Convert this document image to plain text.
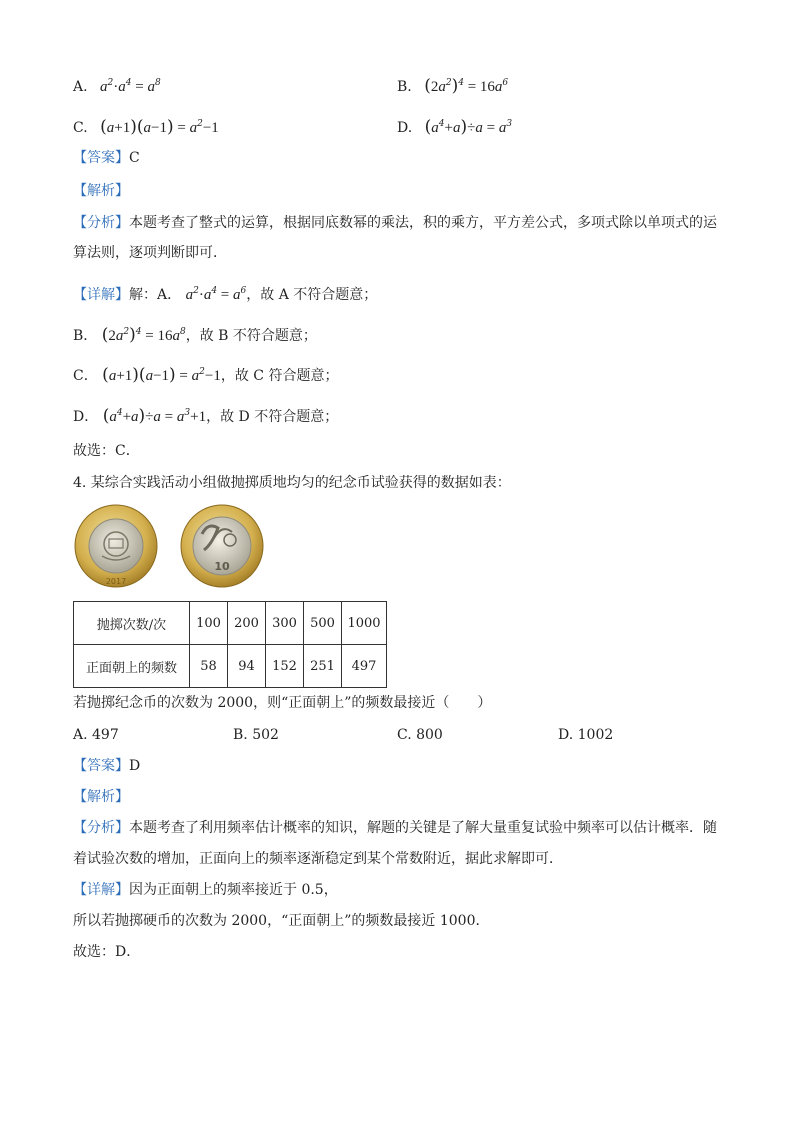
A. $a^2\cdot a^4 = a^8$	B. $(2a^2)^4 = 16a^6$
C. $(a+1)(a-1) = a^2-1$	D. $(a^4+a)\div a = a^3$
【答案】C
【解析】
【分析】本题考查了整式的运算，根据同底数幂的乘法，积的乘方，平方差公式，多项式除以单项式的运
算法则，逐项判断即可．
【详解】解：A． $a^2\cdot a^4 = a^6$，故 A 不符合题意；
B． $(2a^2)^4 = 16a^8$，故 B 不符合题意；
C． $(a+1)(a-1) = a^2-1$，故 C 符合题意；
D． $(a^4+a)\div a = a^3+1$，故 D 不符合题意；
故选：C．
4. 某综合实践活动小组做抛掷质地均匀的纪念币试验获得的数据如表：
2017
10
抛掷次数/次	100	200	300	500	1000
正面朝上的频数	58	94	152	251	497
若抛掷纪念币的次数为 2000，则“正面朝上”的频数最接近（　　）
A. 497	B. 502	C. 800	D. 1002
【答案】D
【解析】
【分析】本题考查了利用频率估计概率的知识，解题的关键是了解大量重复试验中频率可以估计概率．随
着试验次数的增加，正面向上的频率逐渐稳定到某个常数附近，据此求解即可．
【详解】因为正面朝上的频率接近于 0.5，
所以若抛掷硬币的次数为 2000，“正面朝上”的频数最接近 1000．
故选：D．
